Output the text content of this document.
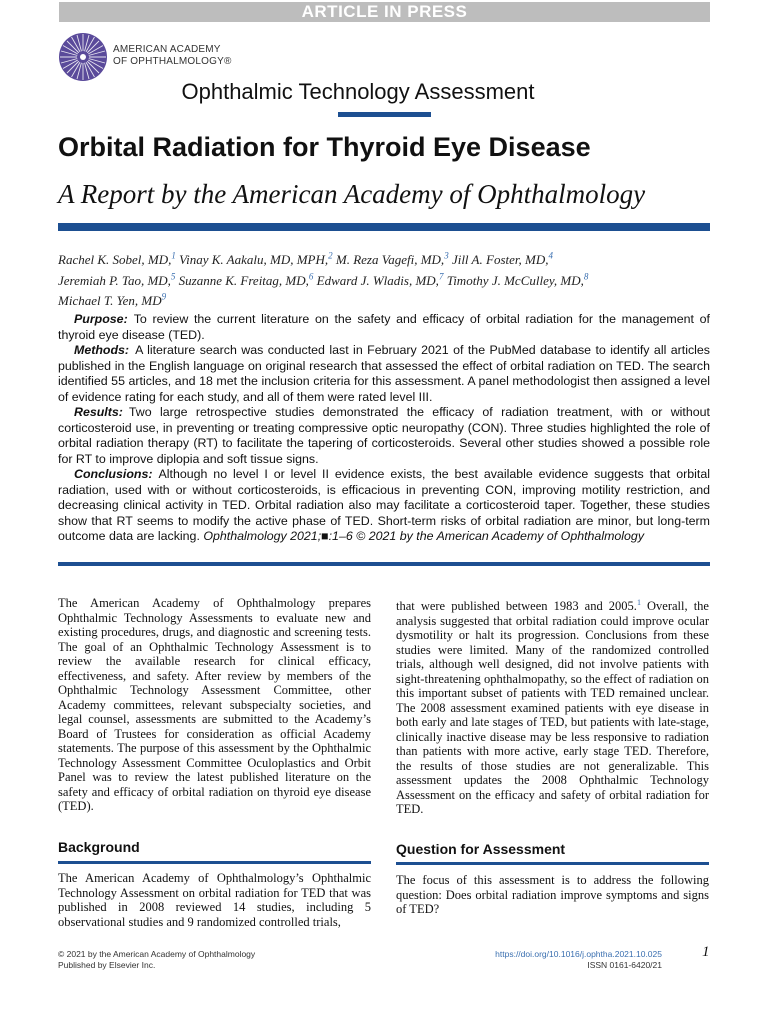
ARTICLE IN PRESS
AMERICAN ACADEMY
OF OPHTHALMOLOGY®
Ophthalmic Technology Assessment
Orbital Radiation for Thyroid Eye Disease
A Report by the American Academy of Ophthalmology
Rachel K. Sobel, MD,$^1$ Vinay K. Aakalu, MD, MPH,$^2$ M. Reza Vagefi, MD,$^3$ Jill A. Foster, MD,$^4$
Jeremiah P. Tao, MD,$^5$ Suzanne K. Freitag, MD,$^6$ Edward J. Wladis, MD,$^7$ Timothy J. McCulley, MD,$^8$
Michael T. Yen, $MD^9$

Purpose: To review the current literature on the safety and efficacy of orbital radiation for the management of thyroid eye disease (TED).

Methods: A literature search was conducted last in February 2021 of the PubMed database to identify all articles published in the English language on original research that assessed the effect of orbital radiation on TED. The search identified 55 articles, and 18 met the inclusion criteria for this assessment. A panel methodologist then assigned a level of evidence rating for each study, and all of them were rated level III.

Results: Two large retrospective studies demonstrated the efficacy of radiation treatment, with or without corticosteroid use, in preventing or treating compressive optic neuropathy (CON). Three studies highlighted the role of orbital radiation therapy (RT) to facilitate the tapering of corticosteroids. Several other studies showed a possible role for RT to improve diplopia and soft tissue signs.

Conclusions: Although no level I or level II evidence exists, the best available evidence suggests that orbital radiation, used with or without corticosteroids, is efficacious in preventing CON, improving motility restriction, and decreasing clinical activity in TED. Orbital radiation also may facilitate a corticosteroid taper. Together, these studies show that RT seems to modify the active phase of TED. Short-term risks of orbital radiation are minor, but long-term outcome data are lacking. Ophthalmology 2021;■:1–6 © 2021 by the American Academy of Ophthalmology

The American Academy of Ophthalmology prepares Ophthalmic Technology Assessments to evaluate new and existing procedures, drugs, and diagnostic and screening tests. The goal of an Ophthalmic Technology Assessment is to review the available research for clinical efficacy, effectiveness, and safety. After review by members of the Ophthalmic Technology Assessment Committee, other Academy committees, relevant subspecialty societies, and legal counsel, assessments are submitted to the Academy’s Board of Trustees for consideration as official Academy statements. The purpose of this assessment by the Ophthalmic Technology Assessment Committee Oculoplastics and Orbit Panel was to review the latest published literature on the safety and efficacy of orbital radiation on thyroid eye disease (TED).

that were published between 1983 and 2005.$^1$ Overall, the analysis suggested that orbital radiation could improve ocular dysmotility or halt its progression. Conclusions from these studies were limited. Many of the randomized controlled trials, although well designed, did not involve patients with sight-threatening ophthalmopathy, so the effect of radiation on this important subset of patients with TED remained unclear. The 2008 assessment examined patients with eye disease in both early and late stages of TED, but patients with late-stage, clinically inactive disease may be less responsive to radiation than patients with more active, early stage TED. Therefore, the results of those studies are not generalizable. This assessment updates the 2008 Ophthalmic Technology Assessment on the efficacy and safety of orbital radiation for TED.

Background

The American Academy of Ophthalmology’s Ophthalmic Technology Assessment on orbital radiation for TED that was published in 2008 reviewed 14 studies, including 5 observational studies and 9 randomized controlled trials,

Question for Assessment

The focus of this assessment is to address the following question: Does orbital radiation improve symptoms and signs of TED?

© 2021 by the American Academy of Ophthalmology
Published by Elsevier Inc.
https://doi.org/10.1016/j.ophtha.2021.10.025
ISSN 0161-6420/21
1
